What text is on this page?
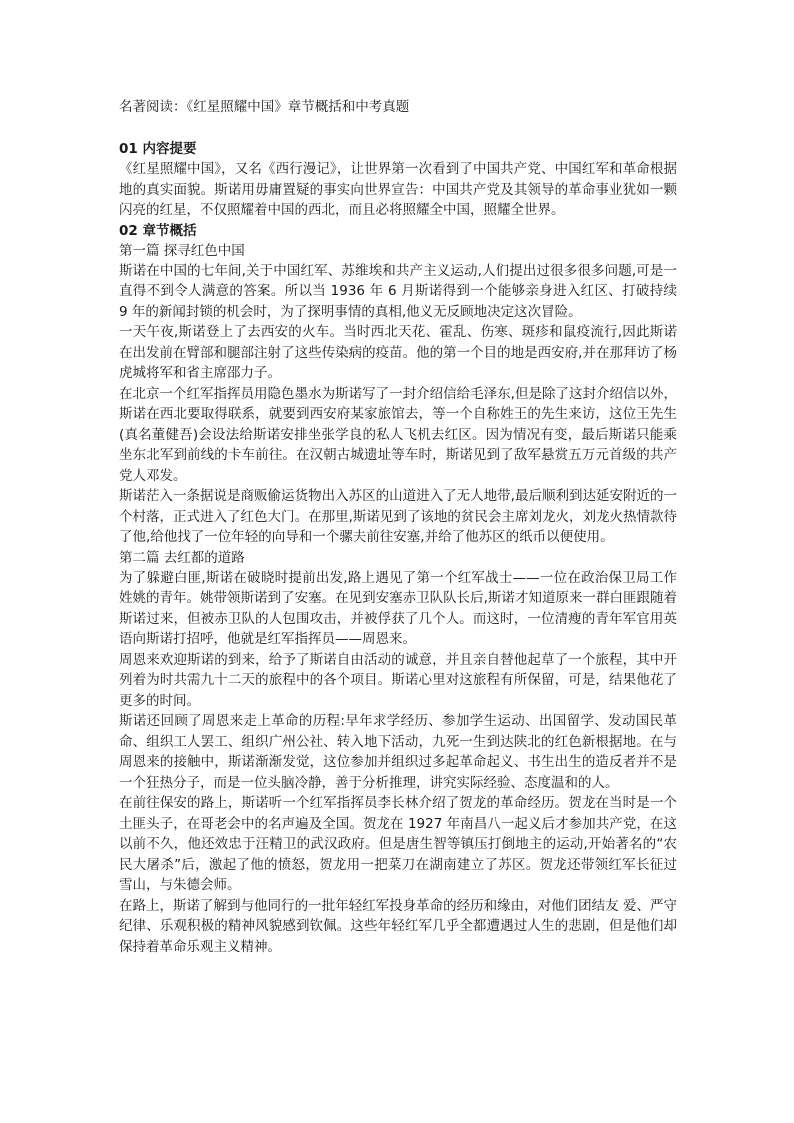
名著阅读：《红星照耀中国》章节概括和中考真题

01 内容提要

《红星照耀中国》，又名《西行漫记》，让世界第一次看到了中国共产党、中国红军和革命根据地的真实面貌。斯诺用毋庸置疑的事实向世界宣告：中国共产党及其领导的革命事业犹如一颗闪亮的红星，不仅照耀着中国的西北，而且必将照耀全中国，照耀全世界。

02 章节概括

第一篇 探寻红色中国

斯诺在中国的七年间,关于中国红军、苏维埃和共产主义运动,人们提出过很多很多问题,可是一直得不到令人满意的答案。所以当 1936 年 6 月斯诺得到一个能够亲身进入红区、打破持续 9 年的新闻封锁的机会时，为了探明事情的真相,他义无反顾地决定这次冒险。

一天午夜,斯诺登上了去西安的火车。当时西北天花、霍乱、伤寒、斑疹和鼠疫流行,因此斯诺在出发前在臂部和腿部注射了这些传染病的疫苗。他的第一个目的地是西安府,并在那拜访了杨虎城将军和省主席邵力子。

在北京一个红军指挥员用隐色墨水为斯诺写了一封介绍信给毛泽东,但是除了这封介绍信以外，斯诺在西北要取得联系，就要到西安府某家旅馆去，等一个自称姓王的先生来访，这位王先生(真名董健吾)会设法给斯诺安排坐张学良的私人飞机去红区。因为情况有变，最后斯诺只能乘坐东北军到前线的卡车前往。在汉朝古城遗址等车时，斯诺见到了敌军悬赏五万元首级的共产党人邓发。

斯诺茫入一条据说是商贩偷运货物出入苏区的山道进入了无人地带,最后顺利到达延安附近的一个村落，正式进入了红色大门。在那里,斯诺见到了该地的贫民会主席刘龙火，刘龙火热情款待了他,给他找了一位年轻的向导和一个骡夫前往安塞,并给了他苏区的纸币以便使用。

第二篇 去红都的道路

为了躲避白匪,斯诺在破晓时提前出发,路上遇见了第一个红军战士——一位在政治保卫局工作姓姚的青年。姚带领斯诺到了安塞。在见到安塞赤卫队队长后,斯诺才知道原来一群白匪跟随着斯诺过来，但被赤卫队的人包围攻击，并被俘获了几个人。而这时，一位清瘦的青年军官用英语向斯诺打招呼，他就是红军指挥员——周恩来。

周恩来欢迎斯诺的到来，给予了斯诺自由活动的诚意，并且亲自替他起草了一个旅程，其中开列着为时共需九十二天的旅程中的各个项目。斯诺心里对这旅程有所保留，可是，结果他花了更多的时间。

斯诺还回顾了周恩来走上革命的历程:早年求学经历、参加学生运动、出国留学、发动国民革命、组织工人罢工、组织广州公社、转入地下活动，九死一生到达陕北的红色新根据地。在与周恩来的接触中，斯诺渐渐发觉，这位参加并组织过多起革命起义、书生出生的造反者并不是一个狂热分子，而是一位头脑冷静，善于分析推理，讲究实际经验、态度温和的人。

在前往保安的路上，斯诺听一个红军指挥员李长林介绍了贺龙的革命经历。贺龙在当时是一个土匪头子，在哥老会中的名声遍及全国。贺龙在 1927 年南昌八一起义后才参加共产党，在这以前不久，他还效忠于汪精卫的武汉政府。但是唐生智等镇压打倒地主的运动,开始著名的“农民大屠杀”后，激起了他的愤怒，贺龙用一把菜刀在湖南建立了苏区。贺龙还带领红军长征过雪山，与朱德会师。

在路上，斯诺了解到与他同行的一批年轻红军投身革命的经历和缘由，对他们团结友 爱、严守纪律、乐观积极的精神风貌感到钦佩。这些年轻红军几乎全都遭遇过人生的悲剧，但是他们却保持着革命乐观主义精神。
